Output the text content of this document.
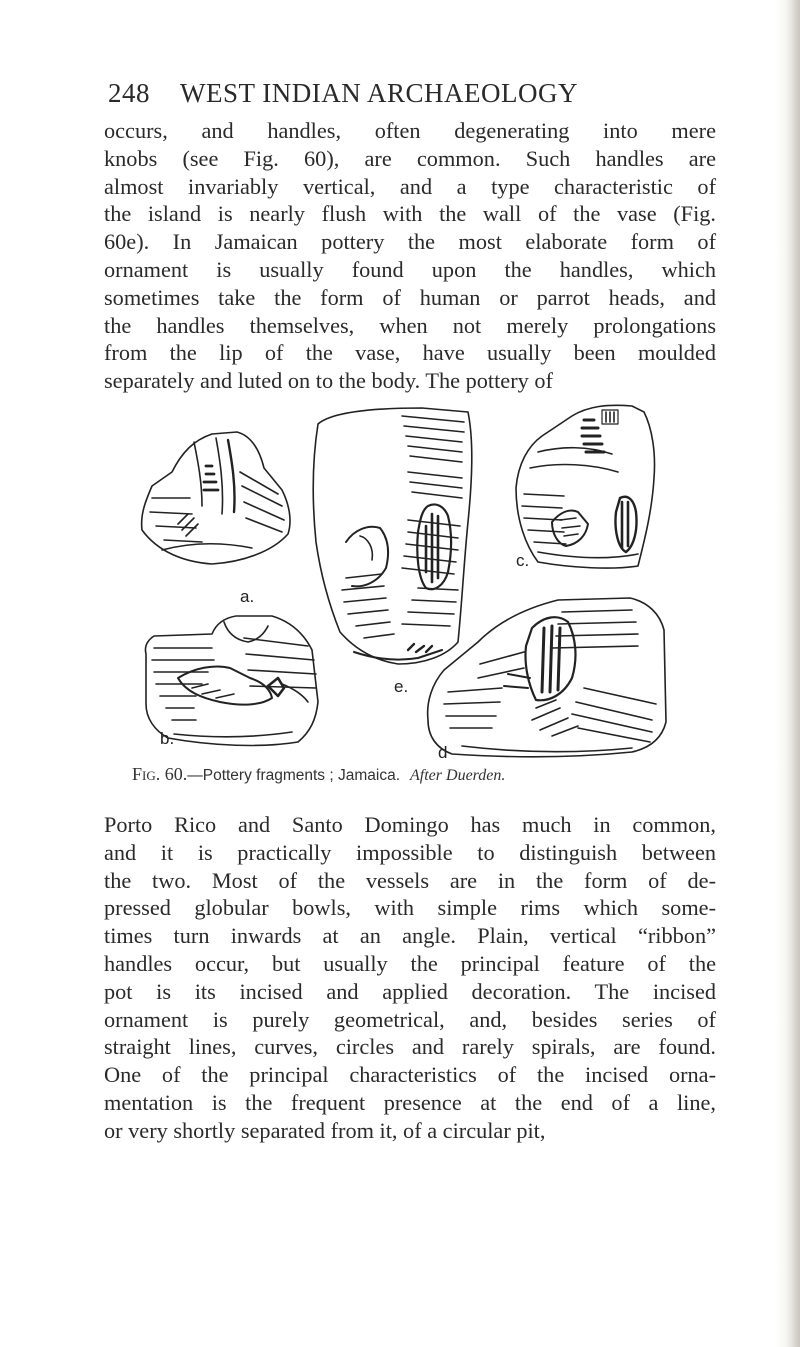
248 WEST INDIAN ARCHAEOLOGY
occurs, and handles, often degenerating into mere
knobs (see Fig. 60), are common. Such handles are
almost invariably vertical, and a type characteristic of
the island is nearly flush with the wall of the vase (Fig.
60e). In Jamaican pottery the most elaborate form of
ornament is usually found upon the handles, which
sometimes take the form of human or parrot heads, and
the handles themselves, when not merely prolongations
from the lip of the vase, have usually been moulded
separately and luted on to the body. The pottery of
a.
b.
c.
d
e.
Fig. 60.—Pottery fragments ; Jamaica. After Duerden.
Porto Rico and Santo Domingo has much in common,
and it is practically impossible to distinguish between
the two. Most of the vessels are in the form of de-
pressed globular bowls, with simple rims which some-
times turn inwards at an angle. Plain, vertical “ribbon”
handles occur, but usually the principal feature of the
pot is its incised and applied decoration. The incised
ornament is purely geometrical, and, besides series of
straight lines, curves, circles and rarely spirals, are found.
One of the principal characteristics of the incised orna-
mentation is the frequent presence at the end of a line,
or very shortly separated from it, of a circular pit,
